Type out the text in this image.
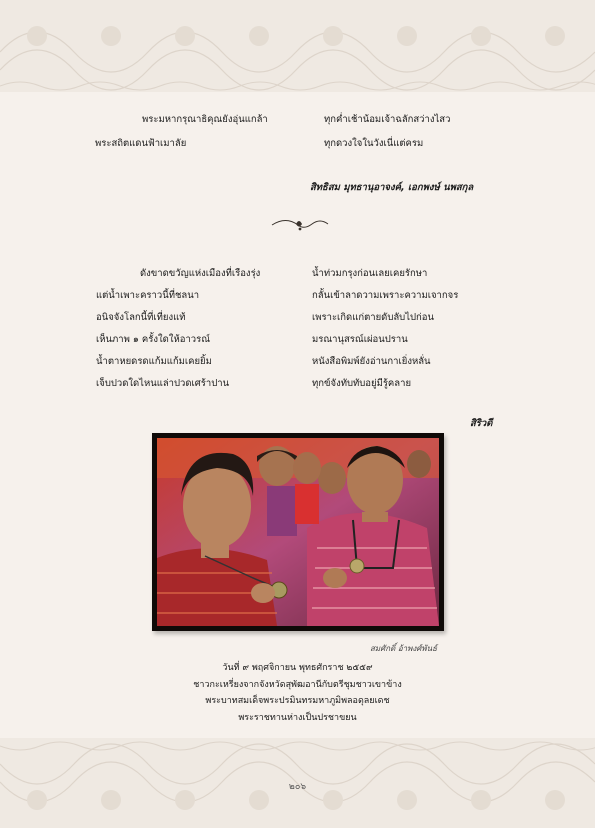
พระมหากรุณาธิคุณยังอุ่นแกล้า
พระสถิตแดนฟ้าเมาลัย
ทุกค่ำเช้าน้อมเจ้าฉลักสว่างไสว
ทุกดวงใจในวังเนี่แต่ครม
สิทธิสม มุทธานุอาจงค์, เอกพงษ์ นพสกุล
ดังขาดขวัญแห่งเมืองที่เรืองรุ่ง
แต่น้ำเพาะคราวนี้ที่ชลนา
อนิจจังโลกนี้ที่เที่ยงแท้
เห็นภาพ ๑ ครั้งใดให้อาวรณ์
น้ำตาหยดรดแก้มแก้มเคยยิ้ม
เจ็บปวดใดไหนแล่าปวดเศร้าปาน
น้ำท่วมกรุงก่อนเลยเคยรักษา
กลั้นเข้าลาดวามเพราะความเจากจร
เพราะเกิดแก่ตายดับลับไปก่อน
มรณานุสรณ์เผ่อนปราน
หนังสือพิมพ์ยังอ่านกาเยิ่งหลั่น
ทุกข์จังทับทับอยู่มีรู้คลาย
สิริวดี
สมศักดิ์ อ้าพงศ์พันธ์
วันที่ ๙ พฤศจิกายน พุทธศักราช ๒๕๕๙
ชาวกะเหรี่ยงจากจังหวัดสุพัฒอานีกับตรีชุมชาวเขาข้าง
พระบาทสมเด็จพระปรมินทรมหาภูมิพลอดุลยเดช
พระราชทานห่างเป็นปรชาขยน
๒๐๖
